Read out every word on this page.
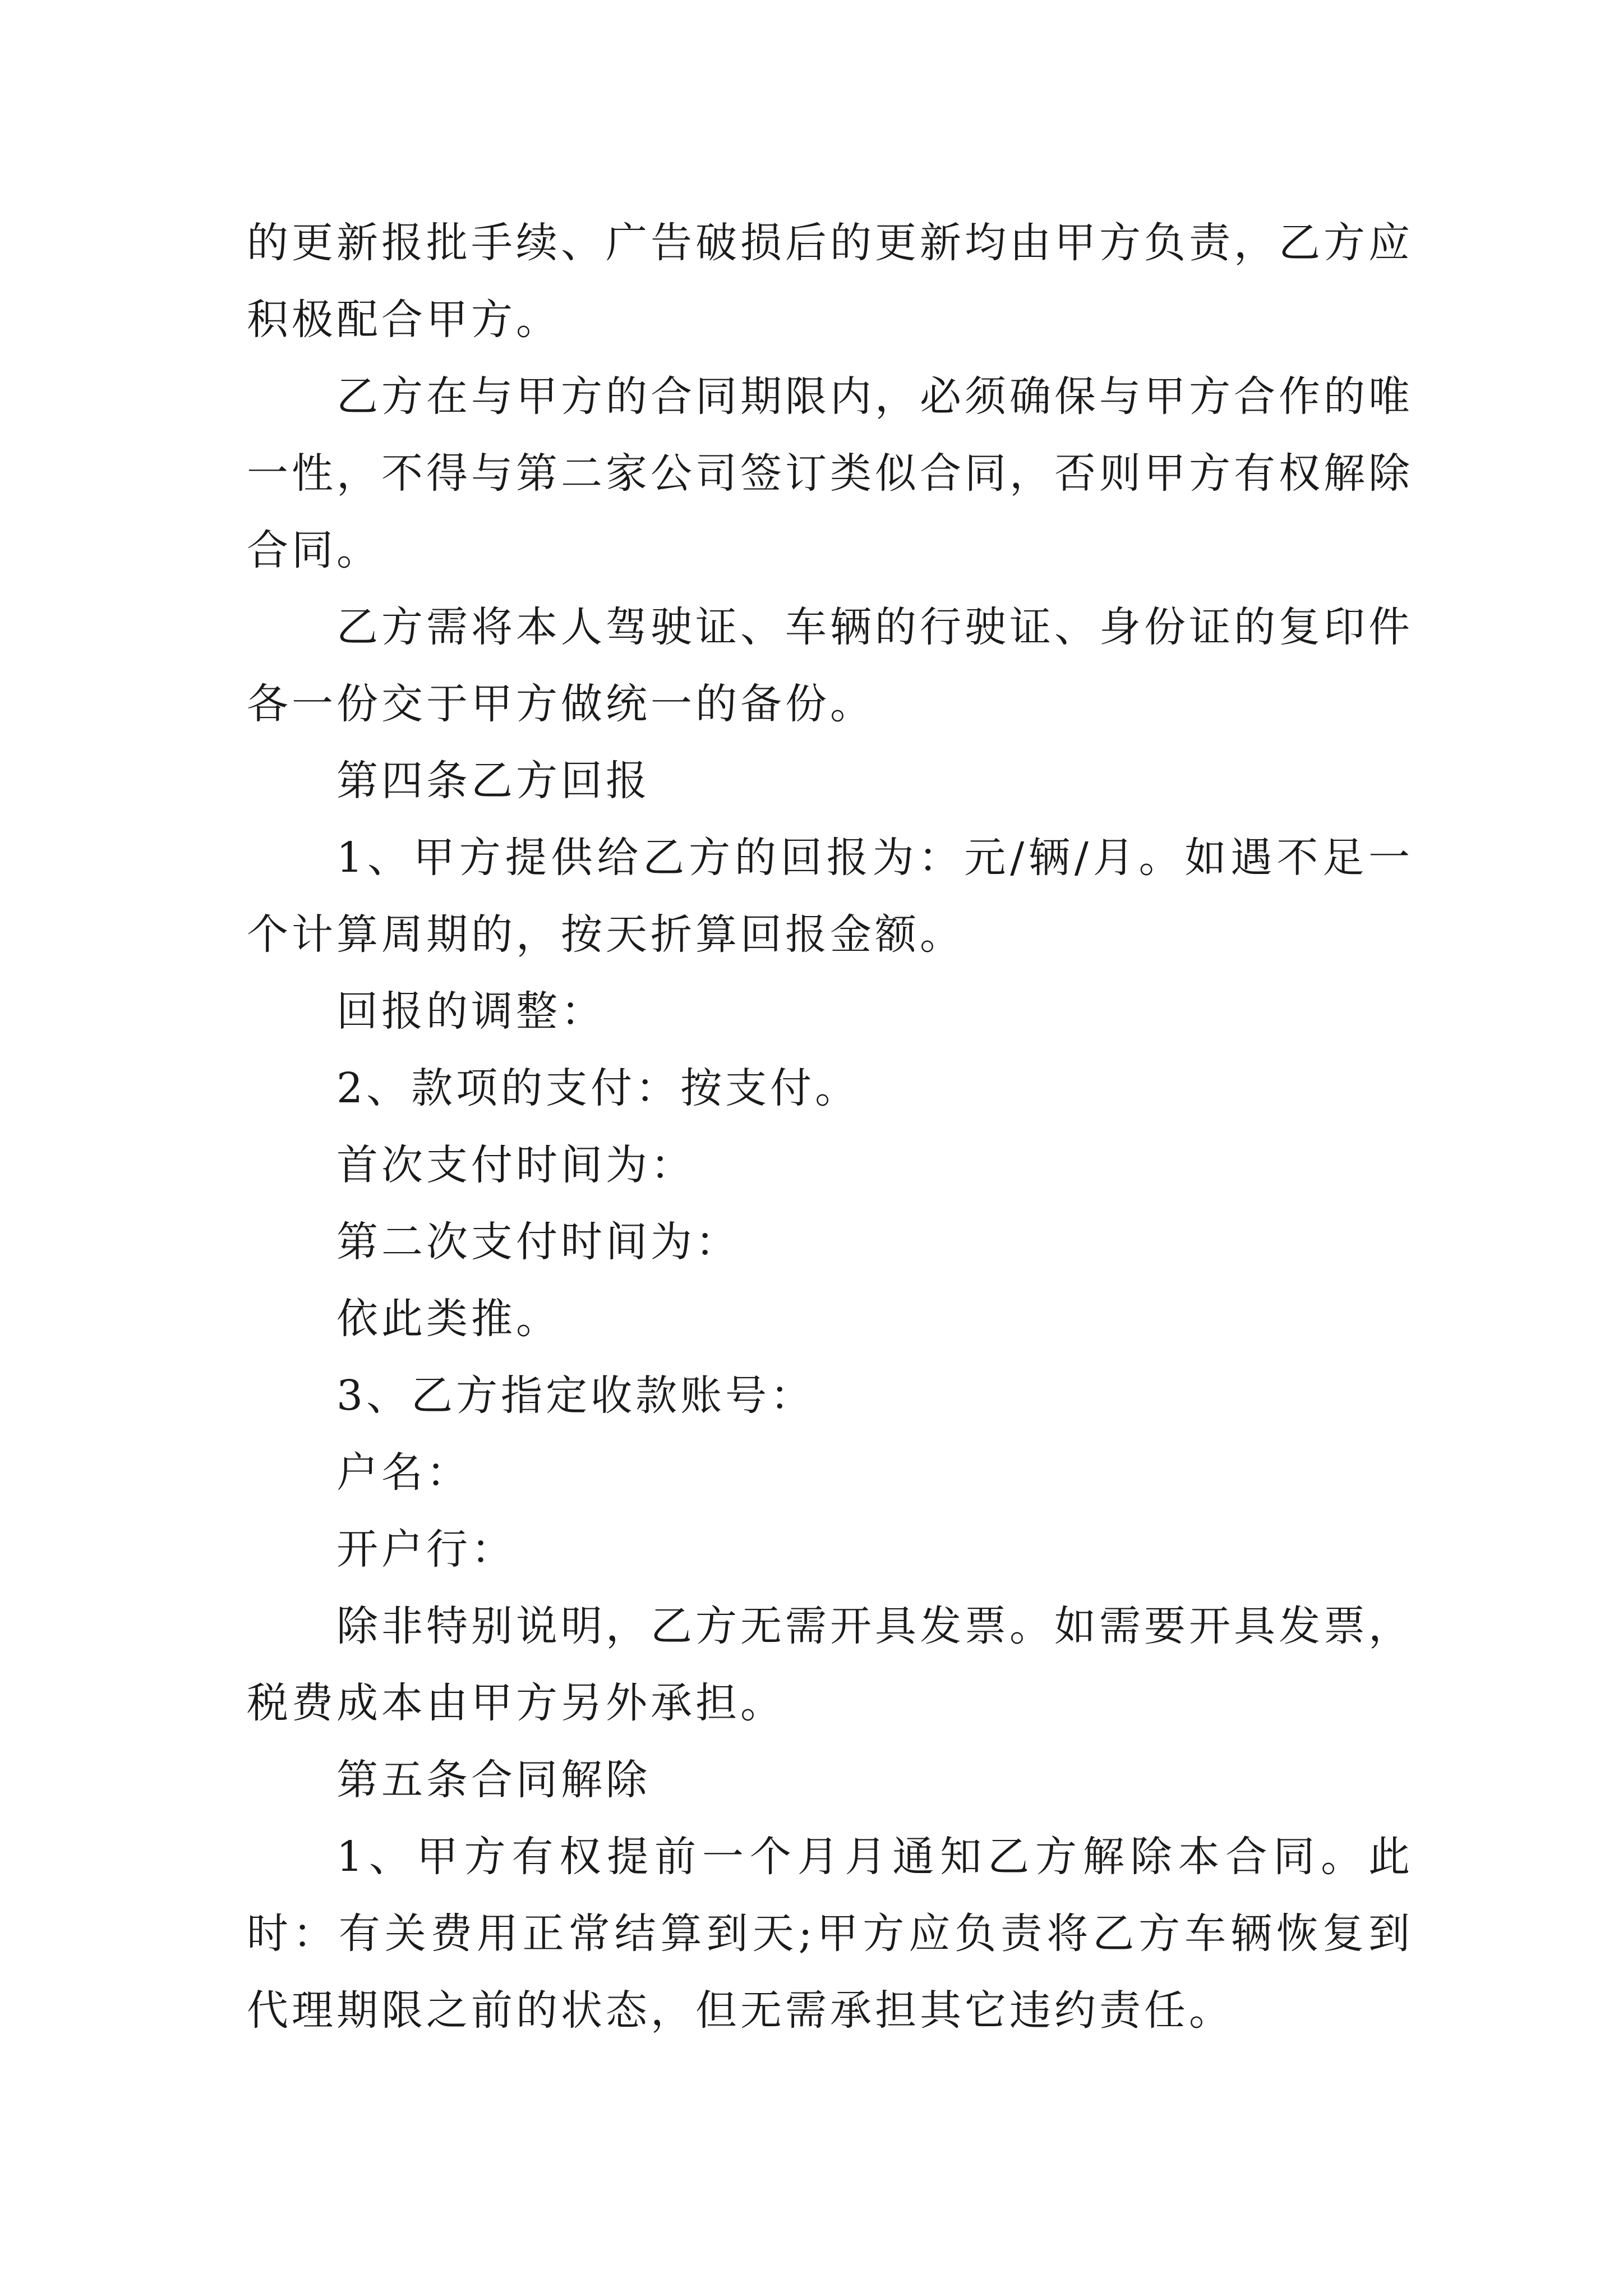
的更新报批手续、广告破损后的更新均由甲方负责，乙方应积极配合甲方。

乙方在与甲方的合同期限内，必须确保与甲方合作的唯一性，不得与第二家公司签订类似合同，否则甲方有权解除合同。

乙方需将本人驾驶证、车辆的行驶证、身份证的复印件各一份交于甲方做统一的备份。

第四条乙方回报

1、甲方提供给乙方的回报为：元/辆/月。如遇不足一个计算周期的，按天折算回报金额。

回报的调整：

2、款项的支付：按支付。

首次支付时间为：

第二次支付时间为：

依此类推。

3、乙方指定收款账号：

户名：

开户行：

除非特别说明，乙方无需开具发票。如需要开具发票，税费成本由甲方另外承担。

第五条合同解除

1、甲方有权提前一个月月通知乙方解除本合同。此时：有关费用正常结算到天;甲方应负责将乙方车辆恢复到代理期限之前的状态，但无需承担其它违约责任。
